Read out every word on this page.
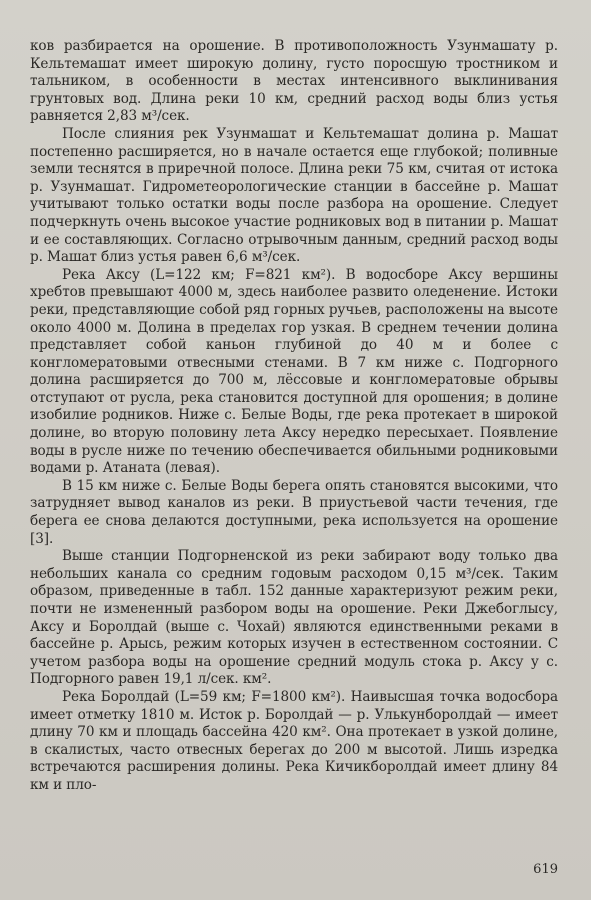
ков разбирается на орошение. В противоположность Узунмашату р. Кельтемашат имеет широкую долину, густо поросшую тростником и тальником, в особенности в местах интенсивного выклинивания грунтовых вод. Длина реки 10 км, средний расход воды близ устья равняется 2,83 м³/сек.

После слияния рек Узунмашат и Кельтемашат долина р. Машат постепенно расширяется, но в начале остается еще глубокой; поливные земли теснятся в приречной полосе. Длина реки 75 км, считая от истока р. Узунмашат. Гидрометеорологические станции в бассейне р. Машат учитывают только остатки воды после разбора на орошение. Следует подчеркнуть очень высокое участие родниковых вод в питании р. Машат и ее составляющих. Согласно отрывочным данным, средний расход воды р. Машат близ устья равен 6,6 м³/сек.

Река Аксу (L=122 км; F=821 км²). В водосборе Аксу вершины хребтов превышают 4000 м, здесь наиболее развито оледенение. Истоки реки, представляющие собой ряд горных ручьев, расположены на высоте около 4000 м. Долина в пределах гор узкая. В среднем течении долина представляет собой каньон глубиной до 40 м и более с конгломератовыми отвесными стенами. В 7 км ниже с. Подгорного долина расширяется до 700 м, лёссовые и конгломератовые обрывы отступают от русла, река становится доступной для орошения; в долине изобилие родников. Ниже с. Белые Воды, где река протекает в широкой долине, во вторую половину лета Аксу нередко пересыхает. Появление воды в русле ниже по течению обеспечивается обильными родниковыми водами р. Атаната (левая).

В 15 км ниже с. Белые Воды берега опять становятся высокими, что затрудняет вывод каналов из реки. В приустьевой части течения, где берега ее снова делаются доступными, река используется на орошение [3].

Выше станции Подгорненской из реки забирают воду только два небольших канала со средним годовым расходом 0,15 м³/сек. Таким образом, приведенные в табл. 152 данные характеризуют режим реки, почти не измененный разбором воды на орошение. Реки Джебоглысу, Аксу и Боролдай (выше с. Чохай) являются единственными реками в бассейне р. Арысь, режим которых изучен в естественном состоянии. С учетом разбора воды на орошение средний модуль стока р. Аксу у с. Подгорного равен 19,1 л/сек. км².

Река Боролдай (L=59 км; F=1800 км²). Наивысшая точка водосбора имеет отметку 1810 м. Исток р. Боролдай — р. Улькунборолдай — имеет длину 70 км и площадь бассейна 420 км². Она протекает в узкой долине, в скалистых, часто отвесных берегах до 200 м высотой. Лишь изредка встречаются расширения долины. Река Кичикборолдай имеет длину 84 км и пло-

619
